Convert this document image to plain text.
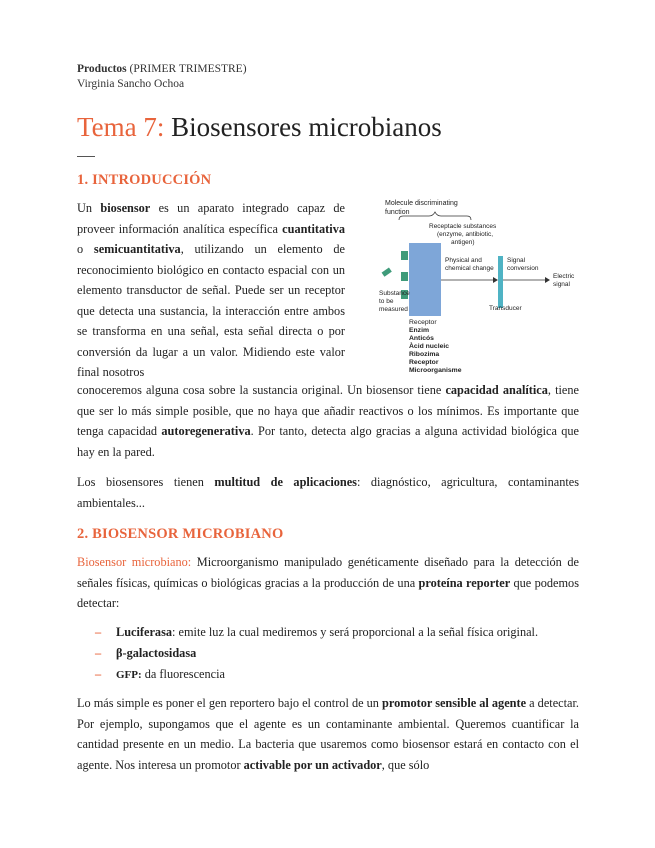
Productos (PRIMER TRIMESTRE)
Virginia Sancho Ochoa
Tema 7: Biosensores microbianos
1. INTRODUCCIÓN
Un biosensor es un aparato integrado capaz de proveer información analítica específica cuantitativa o semicuantitativa, utilizando un elemento de reconocimiento biológico en contacto espacial con un elemento transductor de señal. Puede ser un receptor que detecta una sustancia, la interacción entre ambos se transforma en una señal, esta señal directa o por conversión da lugar a un valor. Midiendo este valor final nosotros
conoceremos alguna cosa sobre la sustancia original. Un biosensor tiene capacidad analítica, tiene que ser lo más simple posible, que no haya que añadir reactivos o los mínimos. Es importante que tenga capacidad autoregenerativa. Por tanto, detecta algo gracias a alguna actividad biológica que hay en la pared.
Los biosensores tienen multitud de aplicaciones: diagnóstico, agricultura, contaminantes ambientales...
2. BIOSENSOR MICROBIANO
Biosensor microbiano: Microorganismo manipulado genéticamente diseñado para la detección de señales físicas, químicas o biológicas gracias a la producción de una proteína reporter que podemos detectar:
– Luciferasa: emite luz la cual mediremos y será proporcional a la señal física original.
– β-galactosidasa
– GFP: da fluorescencia
Lo más simple es poner el gen reportero bajo el control de un promotor sensible al agente a detectar. Por ejemplo, supongamos que el agente es un contaminante ambiental. Queremos cuantificar la cantidad presente en un medio. La bacteria que usaremos como biosensor estará en contacto con el agente. Nos interesa un promotor activable por un activador, que sólo
Molecule discriminating
function
Receptacle substances
(enzyme, antibiotic,
antigen)
Physical and
chemical change
Transducer
Signal
conversion
Electric
signal
Substance
to be
measured
Receptor
Enzim
Anticós
Àcid nucleic
Ribozima
Receptor
Microorganisme
